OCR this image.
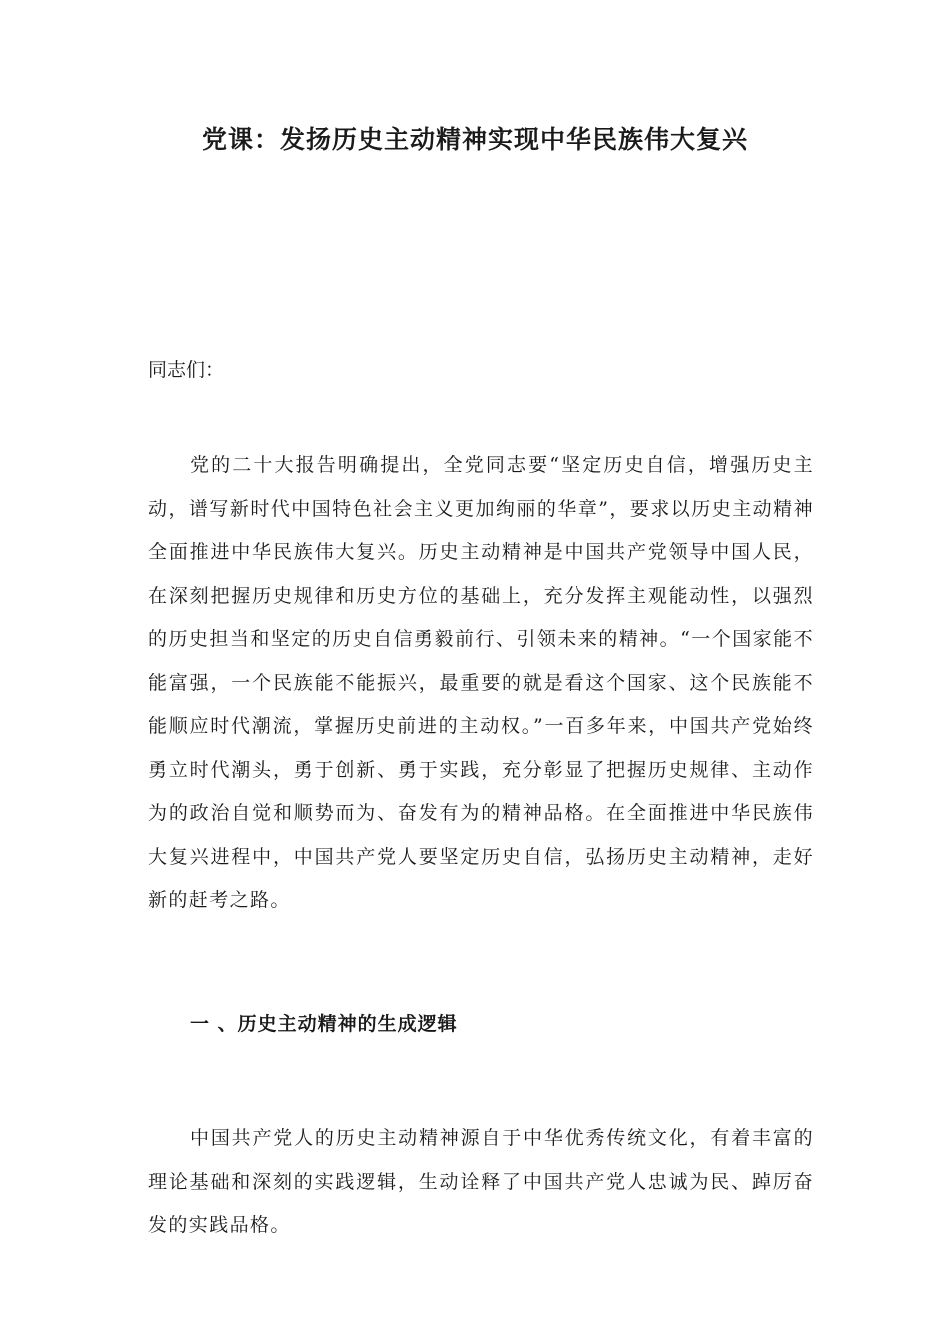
党课：发扬历史主动精神实现中华民族伟大复兴

同志们：

党的二十大报告明确提出，全党同志要“坚定历史自信，增强历史主动，谱写新时代中国特色社会主义更加绚丽的华章”，要求以历史主动精神全面推进中华民族伟大复兴。历史主动精神是中国共产党领导中国人民，在深刻把握历史规律和历史方位的基础上，充分发挥主观能动性，以强烈的历史担当和坚定的历史自信勇毅前行、引领未来的精神。“一个国家能不能富强，一个民族能不能振兴，最重要的就是看这个国家、这个民族能不能顺应时代潮流，掌握历史前进的主动权。”一百多年来，中国共产党始终勇立时代潮头，勇于创新、勇于实践，充分彰显了把握历史规律、主动作为的政治自觉和顺势而为、奋发有为的精神品格。在全面推进中华民族伟大复兴进程中，中国共产党人要坚定历史自信，弘扬历史主动精神，走好新的赶考之路。

一 、历史主动精神的生成逻辑

中国共产党人的历史主动精神源自于中华优秀传统文化，有着丰富的理论基础和深刻的实践逻辑，生动诠释了中国共产党人忠诚为民、踔厉奋发的实践品格。
